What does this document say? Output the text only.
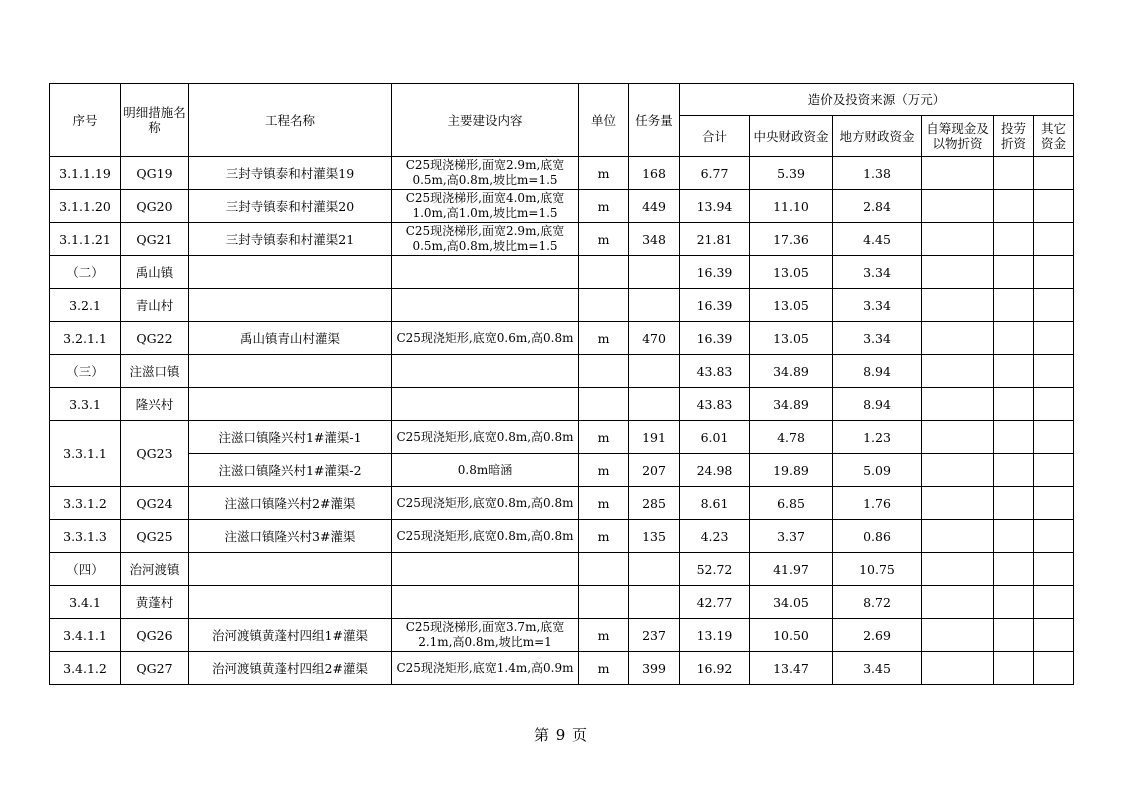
序号	明细措施名称	工程名称	主要建设内容	单位	任务量	造价及投资来源（万元）					
						合计	中央财政资金	地方财政资金	自筹现金及以物折资	投劳折资	其它资金
3.1.1.19	QG19	三封寺镇泰和村灌渠19	C25现浇梯形,面宽2.9m,底宽0.5m,高0.8m,坡比m=1.5	m	168	6.77	5.39	1.38			
3.1.1.20	QG20	三封寺镇泰和村灌渠20	C25现浇梯形,面宽4.0m,底宽1.0m,高1.0m,坡比m=1.5	m	449	13.94	11.10	2.84			
3.1.1.21	QG21	三封寺镇泰和村灌渠21	C25现浇梯形,面宽2.9m,底宽0.5m,高0.8m,坡比m=1.5	m	348	21.81	17.36	4.45			
（二）	禹山镇					16.39	13.05	3.34			
3.2.1	青山村					16.39	13.05	3.34			
3.2.1.1	QG22	禹山镇青山村灌渠	C25现浇矩形,底宽0.6m,高0.8m	m	470	16.39	13.05	3.34			
（三）	注滋口镇					43.83	34.89	8.94			
3.3.1	隆兴村					43.83	34.89	8.94			
3.3.1.1	QG23	注滋口镇隆兴村1#灌渠-1	C25现浇矩形,底宽0.8m,高0.8m	m	191	6.01	4.78	1.23			
		注滋口镇隆兴村1#灌渠-2	0.8m暗涵	m	207	24.98	19.89	5.09			
3.3.1.2	QG24	注滋口镇隆兴村2#灌渠	C25现浇矩形,底宽0.8m,高0.8m	m	285	8.61	6.85	1.76			
3.3.1.3	QG25	注滋口镇隆兴村3#灌渠	C25现浇矩形,底宽0.8m,高0.8m	m	135	4.23	3.37	0.86			
（四）	治河渡镇					52.72	41.97	10.75			
3.4.1	黄蓬村					42.77	34.05	8.72			
3.4.1.1	QG26	治河渡镇黄蓬村四组1#灌渠	C25现浇梯形,面宽3.7m,底宽2.1m,高0.8m,坡比m=1	m	237	13.19	10.50	2.69			
3.4.1.2	QG27	治河渡镇黄蓬村四组2#灌渠	C25现浇矩形,底宽1.4m,高0.9m	m	399	16.92	13.47	3.45			
第 9 页
